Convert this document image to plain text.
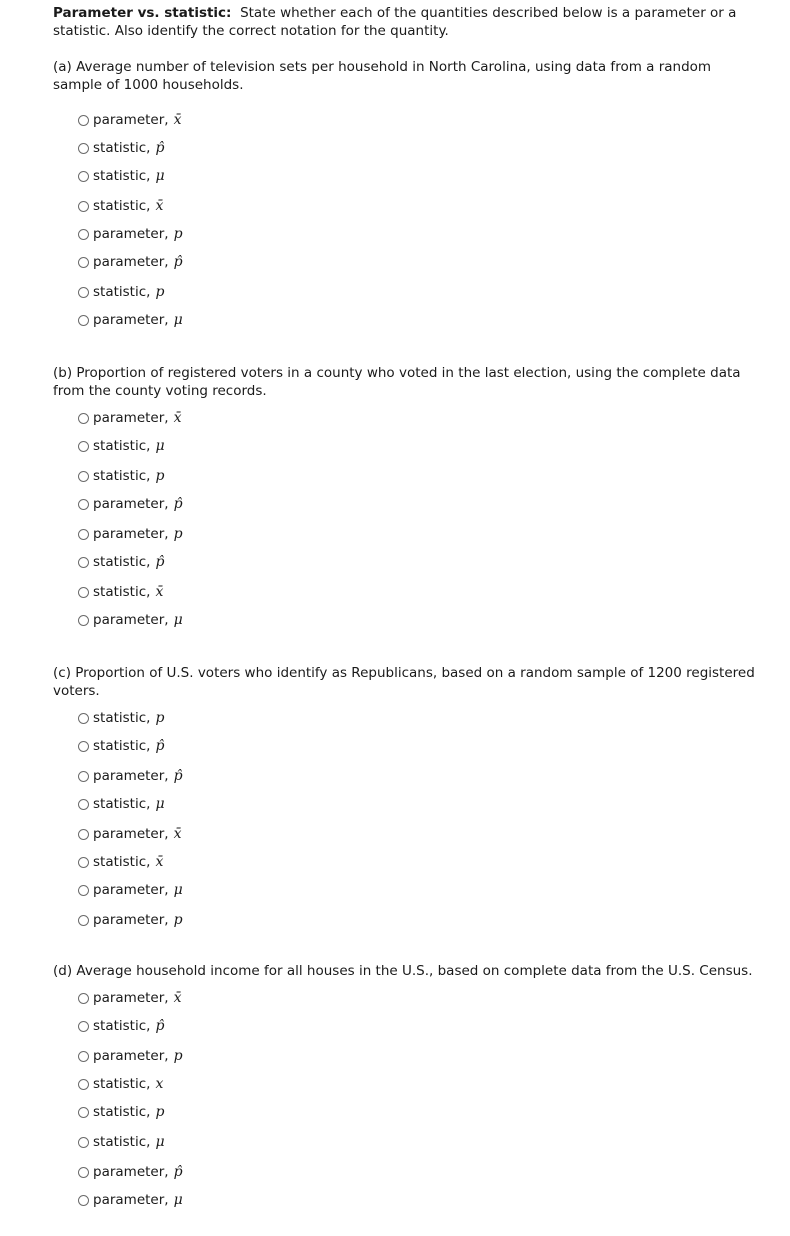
Parameter vs. statistic: State whether each of the quantities described below is a parameter or a statistic. Also identify the correct notation for the quantity.
(a) Average number of television sets per household in North Carolina, using data from a random sample of 1000 households.
parameter, x̄
statistic, p̂
statistic, μ
statistic, x̄
parameter, p
parameter, p̂
statistic, p
parameter, μ
(b) Proportion of registered voters in a county who voted in the last election, using the complete data from the county voting records.
parameter, x̄
statistic, μ
statistic, p
parameter, p̂
parameter, p
statistic, p̂
statistic, x̄
parameter, μ
(c) Proportion of U.S. voters who identify as Republicans, based on a random sample of 1200 registered voters.
statistic, p
statistic, p̂
parameter, p̂
statistic, μ
parameter, x̄
statistic, x̄
parameter, μ
parameter, p
(d) Average household income for all houses in the U.S., based on complete data from the U.S. Census.
parameter, x̄
statistic, p̂
parameter, p
statistic, x
statistic, p
statistic, μ
parameter, p̂
parameter, μ
